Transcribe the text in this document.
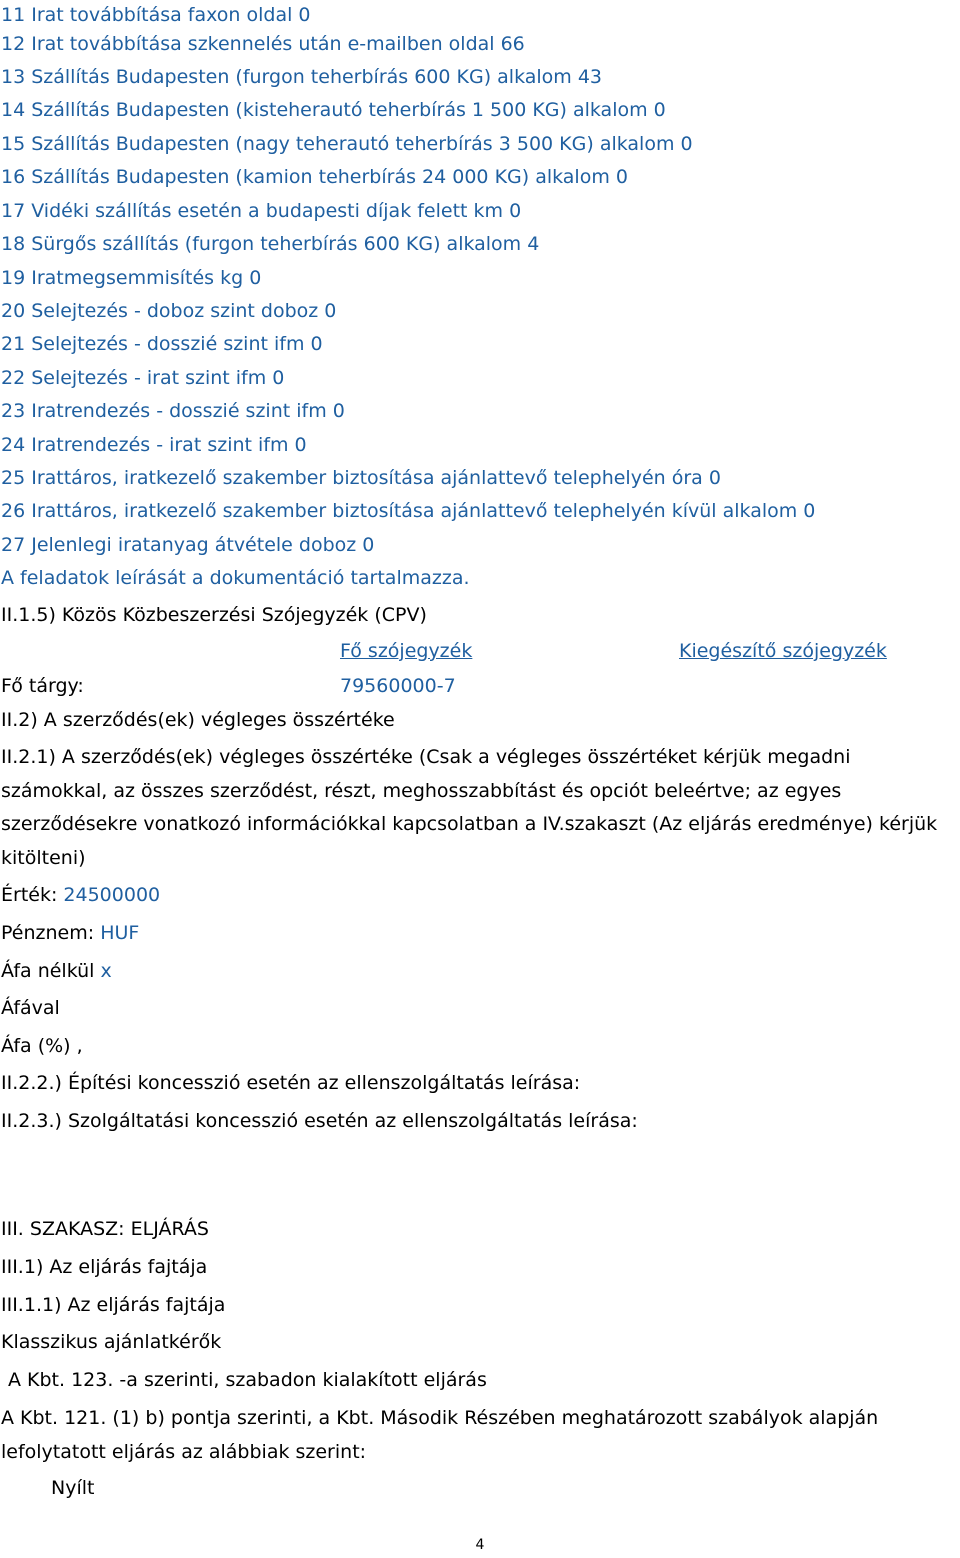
11 Irat továbbítása faxon oldal 0
12 Irat továbbítása szkennelés után e-mailben oldal 66
13 Szállítás Budapesten (furgon teherbírás 600 KG) alkalom 43
14 Szállítás Budapesten (kisteherautó teherbírás 1 500 KG) alkalom 0
15 Szállítás Budapesten (nagy teherautó teherbírás 3 500 KG) alkalom 0
16 Szállítás Budapesten (kamion teherbírás 24 000 KG) alkalom 0
17 Vidéki szállítás esetén a budapesti díjak felett km 0
18 Sürgős szállítás (furgon teherbírás 600 KG) alkalom 4
19 Iratmegsemmisítés kg 0
20 Selejtezés - doboz szint doboz 0
21 Selejtezés - dosszié szint ifm 0
22 Selejtezés - irat szint ifm 0
23 Iratrendezés - dosszié szint ifm 0
24 Iratrendezés - irat szint ifm 0
25 Irattáros, iratkezelő szakember biztosítása ajánlattevő telephelyén óra 0
26 Irattáros, iratkezelő szakember biztosítása ajánlattevő telephelyén kívül alkalom 0
27 Jelenlegi iratanyag átvétele doboz 0
A feladatok leírását a dokumentáció tartalmazza.
II.1.5) Közös Közbeszerzési Szójegyzék (CPV)
Fő szójegyzék	Kiegészítő szójegyzék
Fő tárgy:	79560000-7
II.2) A szerződés(ek) végleges összértéke
II.2.1) A szerződés(ek) végleges összértéke (Csak a végleges összértéket kérjük megadni számokkal, az összes szerződést, részt, meghosszabbítást és opciót beleértve; az egyes szerződésekre vonatkozó információkkal kapcsolatban a IV.szakaszt (Az eljárás eredménye) kérjük kitölteni)
Érték: 24500000
Pénznem: HUF
Áfa nélkül x
Áfával
Áfa (%) ,
II.2.2.) Építési koncesszió esetén az ellenszolgáltatás leírása:
II.2.3.) Szolgáltatási koncesszió esetén az ellenszolgáltatás leírása:
III. SZAKASZ: ELJÁRÁS
III.1) Az eljárás fajtája
III.1.1) Az eljárás fajtája
Klasszikus ajánlatkérők
A Kbt. 123. -a szerinti, szabadon kialakított eljárás
A Kbt. 121. (1) b) pontja szerinti, a Kbt. Második Részében meghatározott szabályok alapján lefolytatott eljárás az alábbiak szerint:
Nyílt
4
